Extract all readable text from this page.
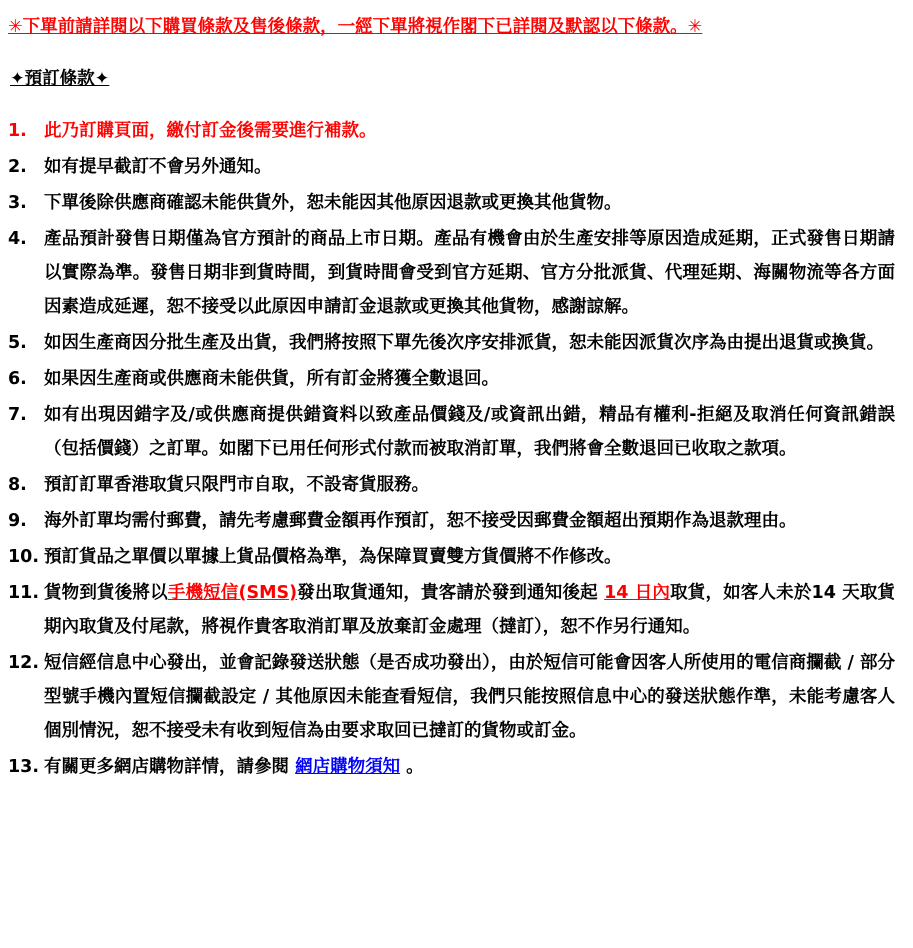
✳下單前請詳閱以下購買條款及售後條款，一經下單將視作閣下已詳閱及默認以下條款。✳
✦預訂條款✦
1. 此乃訂購頁面，繳付訂金後需要進行補款。
2. 如有提早截訂不會另外通知。
3. 下單後除供應商確認未能供貨外，恕未能因其他原因退款或更換其他貨物。
4. 產品預計發售日期僅為官方預計的商品上市日期。產品有機會由於生產安排等原因造成延期，正式發售日期請以實際為準。發售日期非到貨時間，到貨時間會受到官方延期、官方分批派貨、代理延期、海關物流等各方面因素造成延遲，恕不接受以此原因申請訂金退款或更換其他貨物，感謝諒解。
5. 如因生產商因分批生產及出貨，我們將按照下單先後次序安排派貨，恕未能因派貨次序為由提出退貨或換貨。
6. 如果因生產商或供應商未能供貨，所有訂金將獲全數退回。
7. 如有出現因錯字及/或供應商提供錯資料以致產品價錢及/或資訊出錯，精品有權利-拒絕及取消任何資訊錯誤（包括價錢）之訂單。如閣下已用任何形式付款而被取消訂單，我們將會全數退回已收取之款項。
8. 預訂訂單香港取貨只限門市自取，不設寄貨服務。
9. 海外訂單均需付郵費，請先考慮郵費金額再作預訂，恕不接受因郵費金額超出預期作為退款理由。
10. 預訂貨品之單價以單據上貨品價格為準，為保障買賣雙方貨價將不作修改。
11. 貨物到貨後將以手機短信(SMS)發出取貨通知，貴客請於發到通知後起 14 日內取貨，如客人未於14 天取貨期內取貨及付尾款，將視作貴客取消訂單及放棄訂金處理（撻訂），恕不作另行通知。
12. 短信經信息中心發出，並會記錄發送狀態（是否成功發出），由於短信可能會因客人所使用的電信商攔截 / 部分型號手機內置短信攔截設定 / 其他原因未能查看短信，我們只能按照信息中心的發送狀態作準，未能考慮客人個別情況，恕不接受未有收到短信為由要求取回已撻訂的貨物或訂金。
13. 有關更多網店購物詳情，請參閱 網店購物須知 。
